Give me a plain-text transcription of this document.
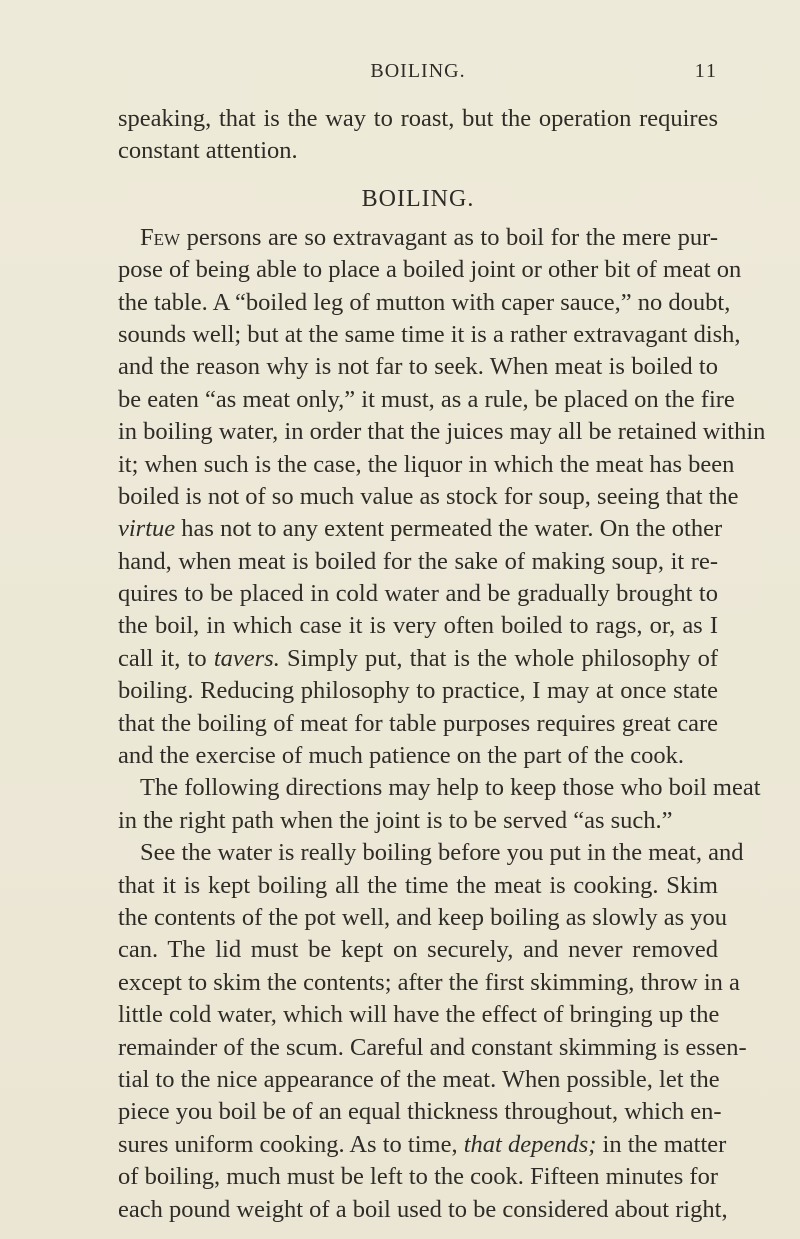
BOILING.	11
speaking, that is the way to roast, but the operation requires
constant attention.
BOILING.
Few persons are so extravagant as to boil for the mere pur-
pose of being able to place a boiled joint or other bit of meat on
the table. A “boiled leg of mutton with caper sauce,” no doubt,
sounds well; but at the same time it is a rather extravagant dish,
and the reason why is not far to seek. When meat is boiled to
be eaten “as meat only,” it must, as a rule, be placed on the fire
in boiling water, in order that the juices may all be retained within
it; when such is the case, the liquor in which the meat has been
boiled is not of so much value as stock for soup, seeing that the
virtue has not to any extent permeated the water. On the other
hand, when meat is boiled for the sake of making soup, it re-
quires to be placed in cold water and be gradually brought to
the boil, in which case it is very often boiled to rags, or, as I
call it, to tavers. Simply put, that is the whole philosophy of
boiling. Reducing philosophy to practice, I may at once state
that the boiling of meat for table purposes requires great care
and the exercise of much patience on the part of the cook.
The following directions may help to keep those who boil meat
in the right path when the joint is to be served “as such.”
See the water is really boiling before you put in the meat, and
that it is kept boiling all the time the meat is cooking. Skim
the contents of the pot well, and keep boiling as slowly as you
can. The lid must be kept on securely, and never removed
except to skim the contents; after the first skimming, throw in a
little cold water, which will have the effect of bringing up the
remainder of the scum. Careful and constant skimming is essen-
tial to the nice appearance of the meat. When possible, let the
piece you boil be of an equal thickness throughout, which en-
sures uniform cooking. As to time, that depends; in the matter
of boiling, much must be left to the cook. Fifteen minutes for
each pound weight of a boil used to be considered about right,
